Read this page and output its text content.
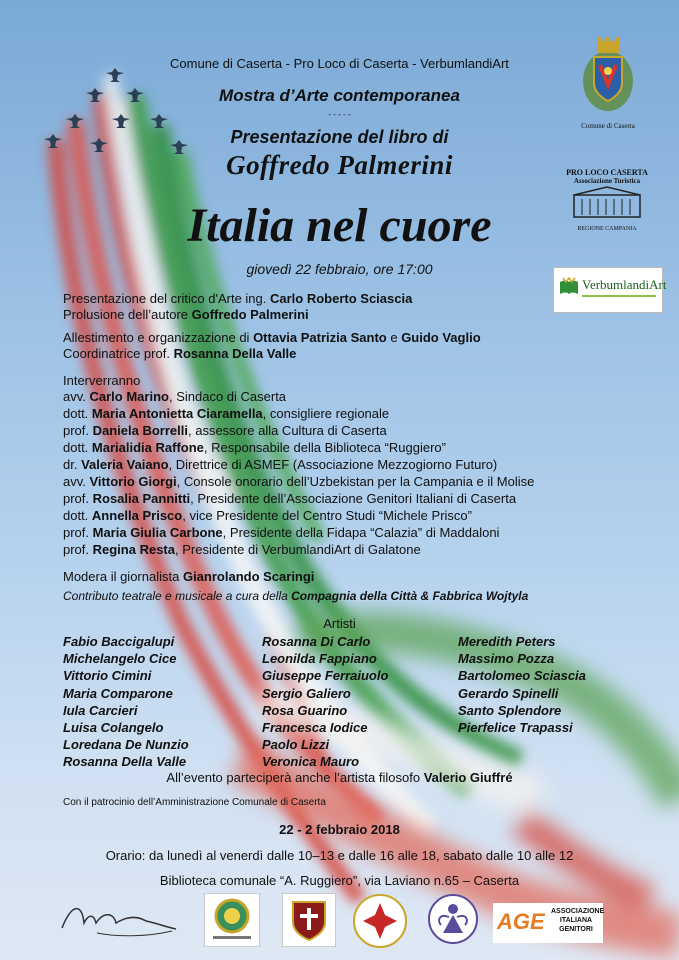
Comune di Caserta - Pro Loco di Caserta - VerbumlandiArt
Mostra d’Arte contemporanea
- - - - -
Presentazione del libro di
Goffredo Palmerini
Italia nel cuore
giovedì 22 febbraio, ore 17:00
Comune di Caserta
PRO LOCO CASERTA
Associazione Turistica
REGIONE CAMPANIA
VerbumlandiArt
Presentazione del critico d'Arte ing. Carlo Roberto Sciascia
Prolusione dell’autore Goffredo Palmerini
Allestimento e organizzazione di Ottavia Patrizia Santo e Guido Vaglio
Coordinatrice prof. Rosanna Della Valle
Interverranno
avv. Carlo Marino, Sindaco di Caserta
dott. Maria Antonietta Ciaramella, consigliere regionale
prof. Daniela Borrelli, assessore alla Cultura di Caserta
dott. Marialidia Raffone, Responsabile della Biblioteca “Ruggiero”
dr. Valeria Vaiano, Direttrice di ASMEF (Associazione Mezzogiorno Futuro)
avv. Vittorio Giorgi, Console onorario dell’Uzbekistan per la Campania e il Molise
prof. Rosalia Pannitti, Presidente dell’Associazione Genitori Italiani di Caserta
dott. Annella Prisco, vice Presidente del Centro Studi “Michele Prisco”
prof. Maria Giulia Carbone, Presidente della Fidapa “Calazia” di Maddaloni
prof. Regina Resta, Presidente di VerbumlandiArt di Galatone
Modera il giornalista Gianrolando Scaringi
Contributo teatrale e musicale a cura della Compagnia della Città & Fabbrica Wojtyla
Artisti
Fabio Baccigalupi
Michelangelo Cice
Vittorio Cimini
Maria Comparone
Iula Carcieri
Luisa Colangelo
Loredana De Nunzio
Rosanna Della Valle
Rosanna Di Carlo
Leonilda Fappiano
Giuseppe Ferraiuolo
Sergio Galiero
Rosa Guarino
Francesca Iodice
Paolo Lizzi
Veronica Mauro
Meredith Peters
Massimo Pozza
Bartolomeo Sciascia
Gerardo Spinelli
Santo Splendore
Pierfelice Trapassi
All’evento parteciperà anche l’artista filosofo Valerio Giuffré
Con il patrocinio dell’Amministrazione Comunale di Caserta
22 - 2 febbraio 2018
Orario: da lunedì al venerdì dalle 10–13 e dalle 16 alle 18, sabato dalle 10 alle 12
Biblioteca comunale “A. Ruggiero”, via Laviano n.65 – Caserta
AGE ASSOCIAZIONE ITALIANA GENITORI
